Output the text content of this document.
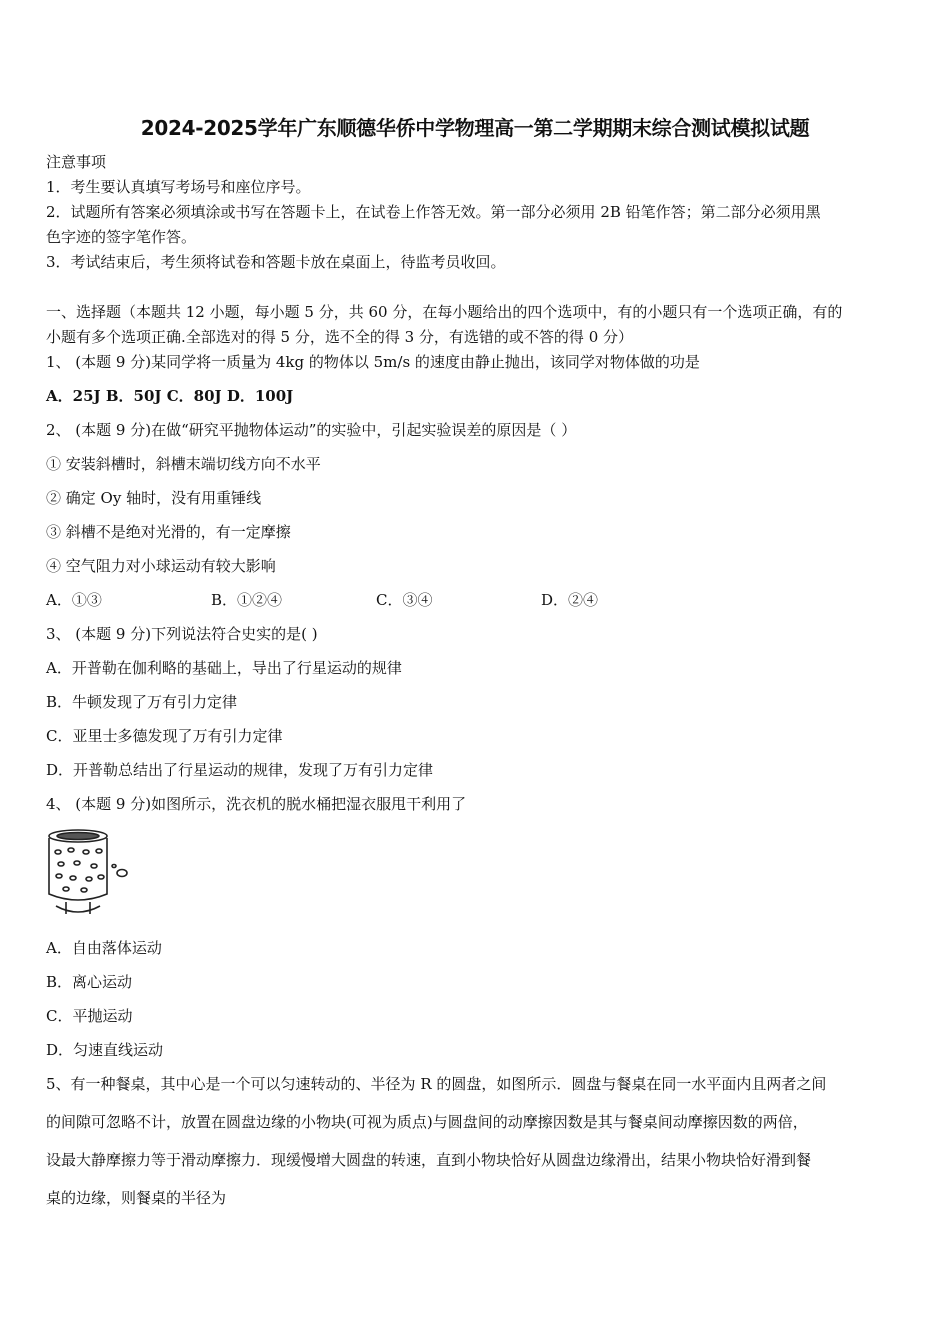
2024-2025学年广东顺德华侨中学物理高一第二学期期末综合测试模拟试题
注意事项
1．考生要认真填写考场号和座位序号。
2．试题所有答案必须填涂或书写在答题卡上，在试卷上作答无效。第一部分必须用 2B 铅笔作答；第二部分必须用黑
色字迹的签字笔作答。
3．考试结束后，考生须将试卷和答题卡放在桌面上，待监考员收回。
一、选择题（本题共 12 小题，每小题 5 分，共 60 分，在每小题给出的四个选项中，有的小题只有一个选项正确，有的
小题有多个选项正确.全部选对的得 5 分，选不全的得 3 分，有选错的或不答的得 0 分）
1、 (本题 9 分)某同学将一质量为 4kg 的物体以 5m/s 的速度由静止抛出，该同学对物体做的功是
A．25J B．50J C．80J D．100J
2、 (本题 9 分)在做“研究平抛物体运动”的实验中，引起实验误差的原因是（ ）
① 安装斜槽时，斜槽末端切线方向不水平
② 确定 Oy 轴时，没有用重锤线
③ 斜槽不是绝对光滑的，有一定摩擦
④ 空气阻力对小球运动有较大影响
A．①③	B．①②④	C．③④	D．②④
3、 (本题 9 分)下列说法符合史实的是( )
A．开普勒在伽利略的基础上，导出了行星运动的规律
B．牛顿发现了万有引力定律
C．亚里士多德发现了万有引力定律
D．开普勒总结出了行星运动的规律，发现了万有引力定律
4、 (本题 9 分)如图所示，洗衣机的脱水桶把湿衣服甩干利用了
A．自由落体运动
B．离心运动
C．平抛运动
D．匀速直线运动
5、有一种餐桌，其中心是一个可以匀速转动的、半径为 R 的圆盘，如图所示．圆盘与餐桌在同一水平面内且两者之间
的间隙可忽略不计，放置在圆盘边缘的小物块(可视为质点)与圆盘间的动摩擦因数是其与餐桌间动摩擦因数的两倍，
设最大静摩擦力等于滑动摩擦力．现缓慢增大圆盘的转速，直到小物块恰好从圆盘边缘滑出，结果小物块恰好滑到餐
桌的边缘，则餐桌的半径为
